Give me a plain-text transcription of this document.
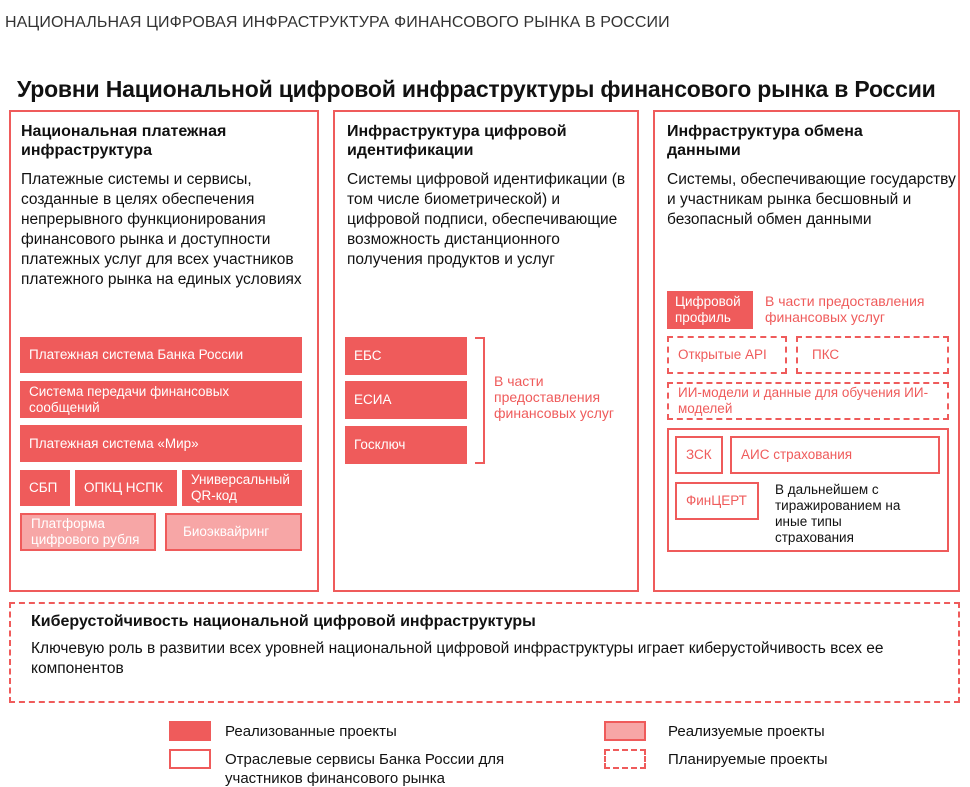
НАЦИОНАЛЬНАЯ ЦИФРОВАЯ ИНФРАСТРУКТУРА ФИНАНСОВОГО РЫНКА В РОССИИ
Уровни Национальной цифровой инфраструктуры финансового рынка в России
Национальная платежная инфраструктура
Платежные системы и сервисы, созданные в целях обеспечения непрерывного функционирования финансового рынка и доступности платежных услуг для всех участников платежного рынка на единых условиях
Платежная система Банка России
Система передачи финансовых сообщений
Платежная система «Мир»
СБП	ОПКЦ НСПК
Универсальный QR-код
Платформа цифрового рубля
Биоэквайринг
Инфраструктура цифровой идентификации
Системы цифровой идентификации (в том числе биометрической) и цифровой подписи, обеспечивающие возможность дистанционного получения продуктов и услуг
ЕБС
ЕСИА
Госключ
В части предоставления финансовых услуг
Инфраструктура обмена данными
Системы, обеспечивающие государству и участникам рынка бесшовный и безопасный обмен данными
Цифровой профиль
В части предоставления финансовых услуг
Открытые API	ПКС
ИИ-модели и данные для обучения ИИ-моделей
ЗСК	АИС страхования
ФинЦЕРТ
В дальнейшем с тиражированием на иные типы страхования
Киберустойчивость национальной цифровой инфраструктуры
Ключевую роль в развитии всех уровней национальной цифровой инфраструктуры играет киберустойчивость всех ее компонентов
Реализованные проекты
Отраслевые сервисы Банка России для участников финансового рынка
Реализуемые проекты
Планируемые проекты
